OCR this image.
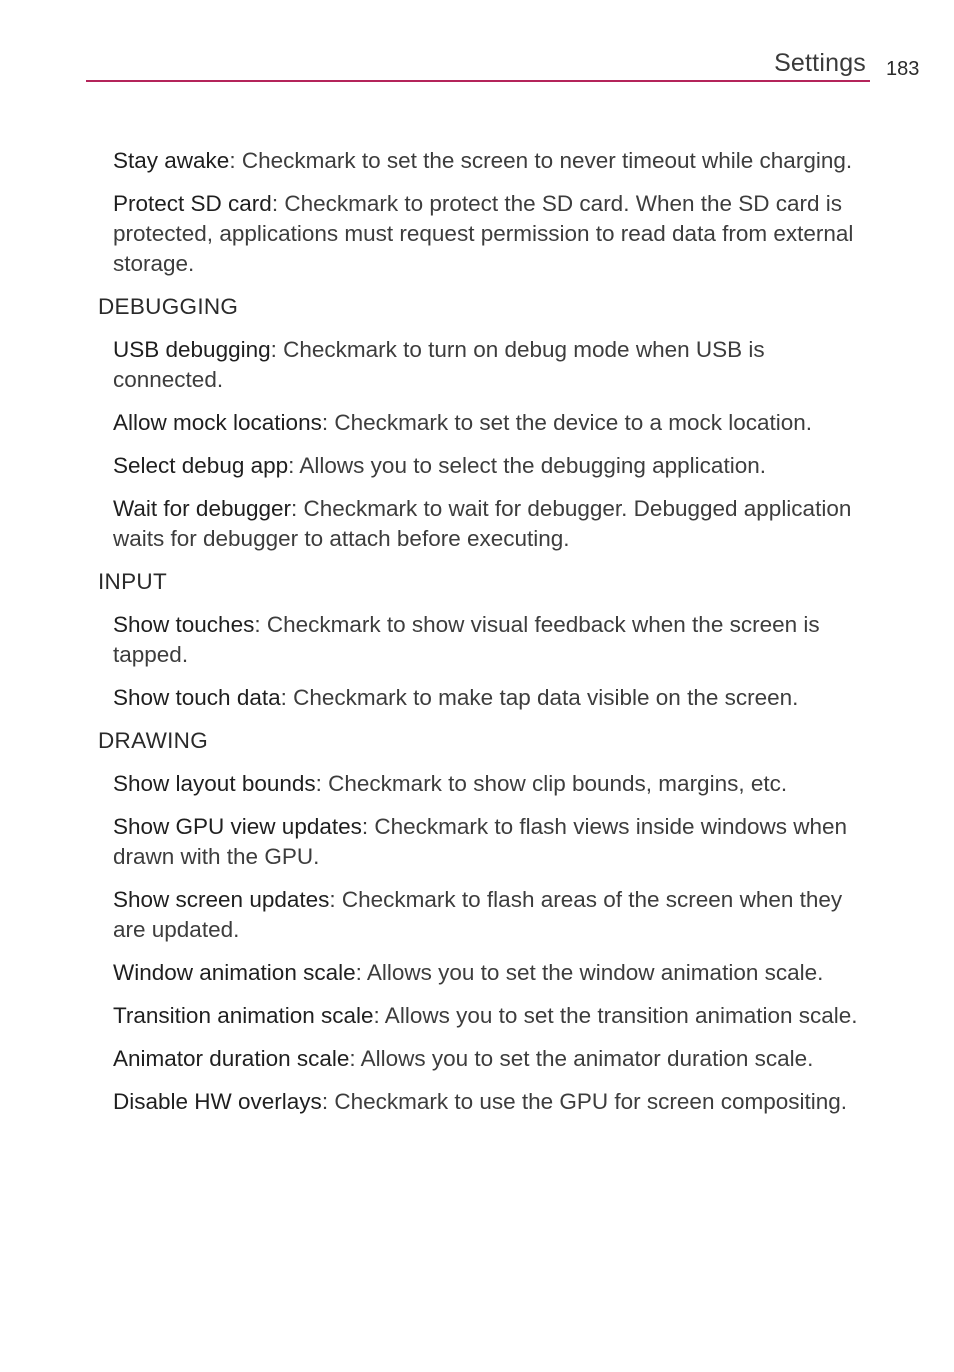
Settings 183

Stay awake: Checkmark to set the screen to never timeout while charging.

Protect SD card: Checkmark to protect the SD card. When the SD card is protected, applications must request permission to read data from external storage.

DEBUGGING

USB debugging: Checkmark to turn on debug mode when USB is connected.

Allow mock locations: Checkmark to set the device to a mock location.

Select debug app: Allows you to select the debugging application.

Wait for debugger: Checkmark to wait for debugger. Debugged application waits for debugger to attach before executing.

INPUT

Show touches: Checkmark to show visual feedback when the screen is tapped.

Show touch data: Checkmark to make tap data visible on the screen.

DRAWING

Show layout bounds: Checkmark to show clip bounds, margins, etc.

Show GPU view updates: Checkmark to flash views inside windows when drawn with the GPU.

Show screen updates: Checkmark to flash areas of the screen when they are updated.

Window animation scale: Allows you to set the window animation scale.

Transition animation scale: Allows you to set the transition animation scale.

Animator duration scale: Allows you to set the animator duration scale.

Disable HW overlays: Checkmark to use the GPU for screen compositing.
